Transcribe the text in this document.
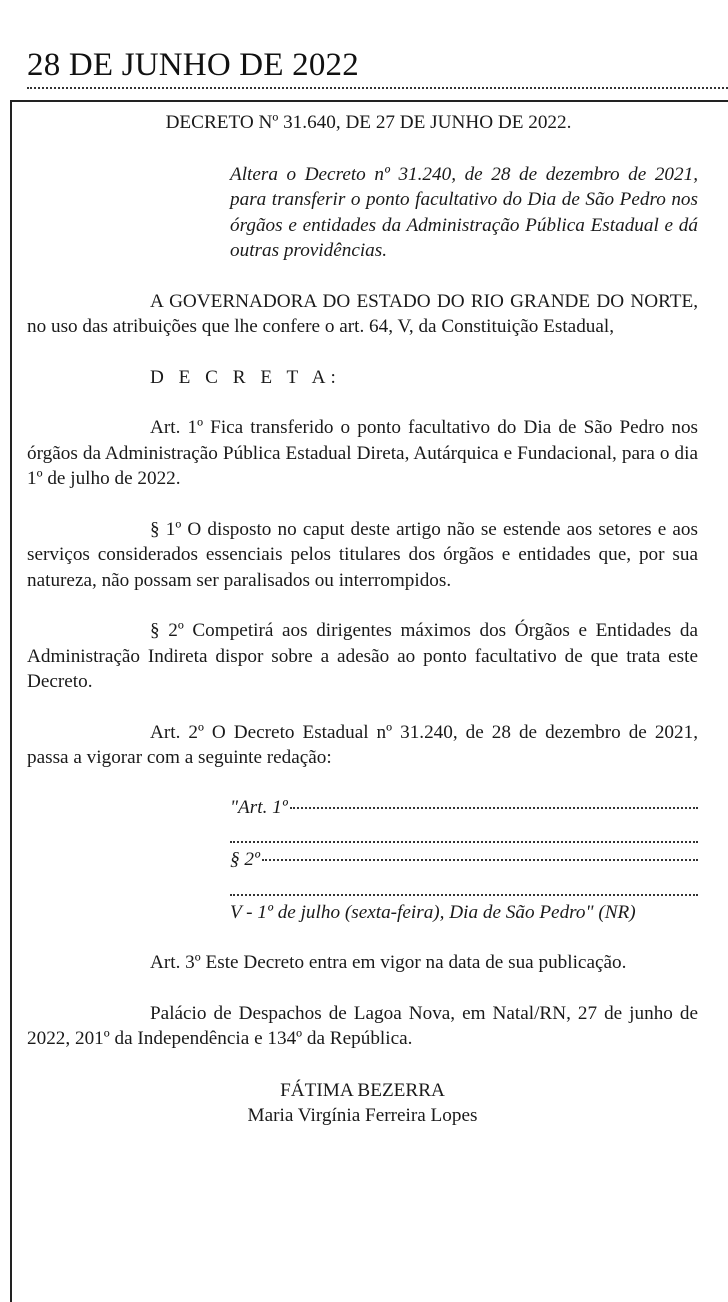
28 DE JUNHO DE 2022

DECRETO Nº 31.640, DE 27 DE JUNHO DE 2022.

Altera o Decreto nº 31.240, de 28 de dezembro de 2021, para transferir o ponto facultativo do Dia de São Pedro nos órgãos e entidades da Administração Pública Estadual e dá outras providências.

A GOVERNADORA DO ESTADO DO RIO GRANDE DO NORTE, no uso das atribuições que lhe confere o art. 64, V, da Constituição Estadual,

D E C R E T A:

Art. 1º Fica transferido o ponto facultativo do Dia de São Pedro nos órgãos da Administração Pública Estadual Direta, Autárquica e Fundacional, para o dia 1º de julho de 2022.

§ 1º O disposto no caput deste artigo não se estende aos setores e aos serviços considerados essenciais pelos titulares dos órgãos e entidades que, por sua natureza, não possam ser paralisados ou interrompidos.

§ 2º Competirá aos dirigentes máximos dos Órgãos e Entidades da Administração Indireta dispor sobre a adesão ao ponto facultativo de que trata este Decreto.

Art. 2º O Decreto Estadual nº 31.240, de 28 de dezembro de 2021, passa a vigorar com a seguinte redação:

"Art. 1º
§ 2º

V - 1º de julho (sexta-feira), Dia de São Pedro" (NR)

Art. 3º Este Decreto entra em vigor na data de sua publicação.

Palácio de Despachos de Lagoa Nova, em Natal/RN, 27 de junho de 2022, 201º da Independência e 134º da República.

FÁTIMA BEZERRA

Maria Virgínia Ferreira Lopes
